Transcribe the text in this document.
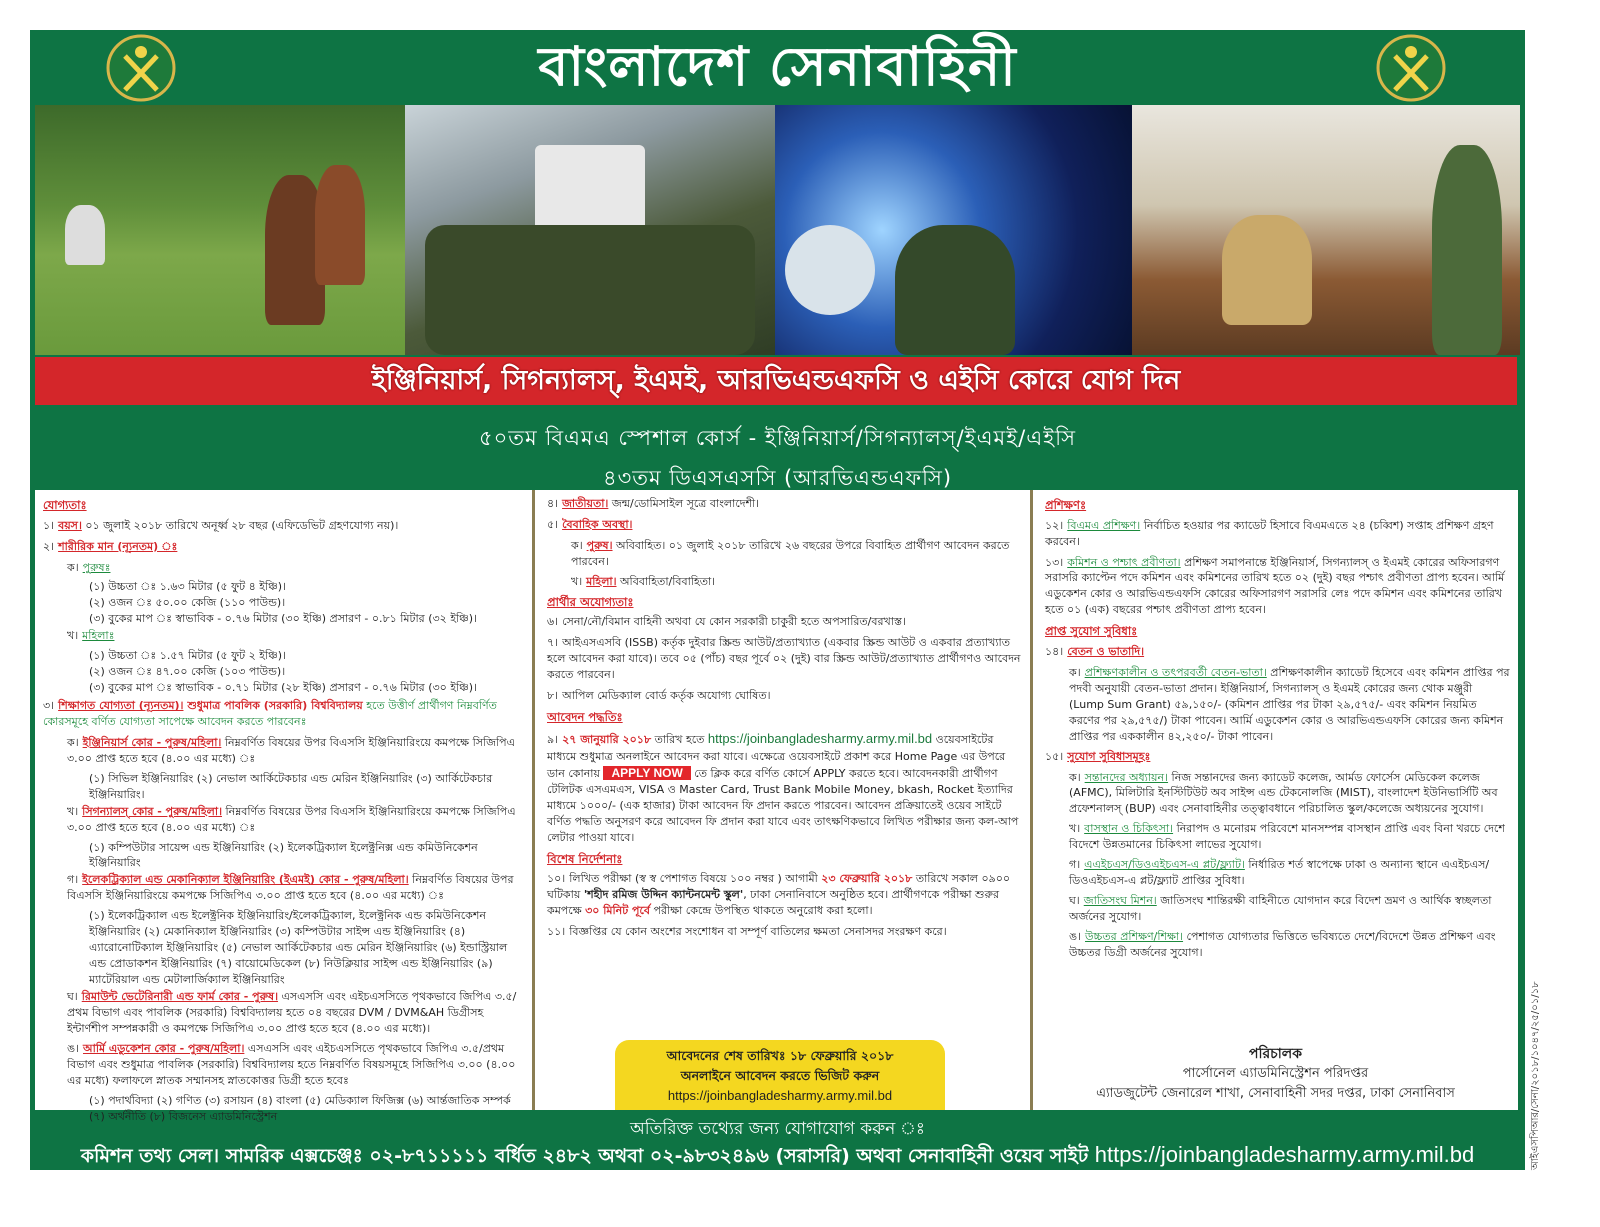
বাংলাদেশ সেনাবাহিনী
ইঞ্জিনিয়ার্স, সিগন্যালস্‌, ইএমই, আরভিএন্ডএফসি ও এইসি কোরে যোগ দিন
৫০তম বিএমএ স্পেশাল কোর্স - ইঞ্জিনিয়ার্স/সিগন্যালস্‌/ইএমই/এইসি
৪৩তম ডিএসএসসি (আরভিএন্ডএফসি)
যোগ্যতাঃ
১। বয়স। ০১ জুলাই ২০১৮ তারিখে অনূর্ধ্ব ২৮ বছর (এফিডেভিট গ্রহণযোগ্য নয়)।
২। শারীরিক মান (ন্যূনতম) ঃ
ক। পুরুষঃ
(১) উচ্চতা ঃ ১.৬৩ মিটার (৫ ফুট ৪ ইঞ্চি)।
(২) ওজন ঃ ৫০.০০ কেজি (১১০ পাউন্ড)।
(৩) বুকের মাপ ঃ স্বাভাবিক - ০.৭৬ মিটার (৩০ ইঞ্চি) প্রসারণ - ০.৮১ মিটার (৩২ ইঞ্চি)।
খ। মহিলাঃ
(১) উচ্চতা ঃ ১.৫৭ মিটার (৫ ফুট ২ ইঞ্চি)।
(২) ওজন ঃ ৪৭.০০ কেজি (১০৩ পাউন্ড)।
(৩) বুকের মাপ ঃ স্বাভাবিক - ০.৭১ মিটার (২৮ ইঞ্চি) প্রসারণ - ০.৭৬ মিটার (৩০ ইঞ্চি)।
৩। শিক্ষাগত যোগ্যতা (ন্যূনতম)। শুধুমাত্র পাবলিক (সরকারি) বিশ্ববিদ্যালয় হতে উত্তীর্ণ প্রার্থীগণ নিম্নবর্ণিত কোরসমূহে বর্ণিত যোগ্যতা সাপেক্ষে আবেদন করতে পারবেনঃ
ক। ইঞ্জিনিয়ার্স কোর - পুরুষ/মহিলা। নিম্নবর্ণিত বিষয়ের উপর বিএসসি ইঞ্জিনিয়ারিংয়ে কমপক্ষে সিজিপিএ ৩.০০ প্রাপ্ত হতে হবে (৪.০০ এর মধ্যে) ঃ
(১) সিভিল ইঞ্জিনিয়ারিং (২) নেভাল আর্কিটেকচার এন্ড মেরিন ইঞ্জিনিয়ারিং (৩) আর্কিটেকচার ইঞ্জিনিয়ারিং।
খ। সিগন্যালস্‌ কোর - পুরুষ/মহিলা। নিম্নবর্ণিত বিষয়ের উপর বিএসসি ইঞ্জিনিয়ারিংয়ে কমপক্ষে সিজিপিএ ৩.০০ প্রাপ্ত হতে হবে (৪.০০ এর মধ্যে) ঃ
(১) কম্পিউটার সায়েন্স এন্ড ইঞ্জিনিয়ারিং (২) ইলেকট্রিক্যাল ইলেক্ট্রনিক্স এন্ড কমিউনিকেশন ইঞ্জিনিয়ারিং
গ। ইলেকট্রিক্যাল এন্ড মেকানিক্যাল ইঞ্জিনিয়ারিং (ইএমই) কোর - পুরুষ/মহিলা। নিম্নবর্ণিত বিষয়ের উপর বিএসসি ইঞ্জিনিয়ারিংয়ে কমপক্ষে সিজিপিএ ৩.০০ প্রাপ্ত হতে হবে (৪.০০ এর মধ্যে) ঃ
(১) ইলেকট্রিক্যাল এন্ড ইলেক্ট্রনিক ইঞ্জিনিয়ারিং/ইলেকট্রিক্যাল, ইলেক্ট্রনিক এন্ড কমিউনিকেশন ইঞ্জিনিয়ারিং (২) মেকানিক্যাল ইঞ্জিনিয়ারিং (৩) কম্পিউটার সাইন্স এন্ড ইঞ্জিনিয়ারিং (৪) এ্যারোনোটিক্যাল ইঞ্জিনিয়ারিং (৫) নেভাল আর্কিটেকচার এন্ড মেরিন ইঞ্জিনিয়ারিং (৬) ইন্ডাস্ট্রিয়াল এন্ড প্রোডাকশন ইঞ্জিনিয়ারিং (৭) বায়োমেডিকেল (৮) নিউক্লিয়ার সাইন্স এন্ড ইঞ্জিনিয়ারিং (৯) ম্যাটেরিয়াল এন্ড মেটালার্জিক্যাল ইঞ্জিনিয়ারিং
ঘ। রিমাউন্ট ভেটেরিনারী এন্ড ফার্ম কোর - পুরুষ। এসএসসি এবং এইচএসসিতে পৃথকভাবে জিপিএ ৩.৫/প্রথম বিভাগ এবং পাবলিক (সরকারি) বিশ্ববিদ্যালয় হতে ০৪ বছরের DVM / DVM&AH ডিগ্রীসহ ইন্টার্ণশীপ সম্পন্নকারী ও কমপক্ষে সিজিপিএ ৩.০০ প্রাপ্ত হতে হবে (৪.০০ এর মধ্যে)।
ঙ। আর্মি এডুকেশন কোর - পুরুষ/মহিলা। এসএসসি এবং এইচএসসিতে পৃথকভাবে জিপিএ ৩.৫/প্রথম বিভাগ এবং শুধুমাত্র পাবলিক (সরকারি) বিশ্ববিদ্যালয় হতে নিম্নবর্ণিত বিষয়সমূহে সিজিপিএ ৩.০০ (৪.০০ এর মধ্যে) ফলাফলে স্নাতক সম্মানসহ স্নাতকোত্তর ডিগ্রী হতে হবেঃ
(১) পদার্থবিদ্যা (২) গণিত (৩) রসায়ন (৪) বাংলা (৫) মেডিক্যাল ফিজিক্স (৬) আর্ন্তজাতিক সম্পর্ক (৭) অর্থনীতি (৮) বিজনেস এ্যাডমিনিস্ট্রেশন
৪। জাতীয়তা। জন্ম/ডোমিসাইল সূত্রে বাংলাদেশী।
৫। বৈবাহিক অবস্থা।
ক। পুরুষ। অবিবাহিত। ০১ জুলাই ২০১৮ তারিখে ২৬ বছরের উপরে বিবাহিত প্রার্থীগণ আবেদন করতে পারবেন।
খ। মহিলা। অবিবাহিতা/বিবাহিতা।
প্রার্থীর অযোগ্যতাঃ
৬। সেনা/নৌ/বিমান বাহিনী অথবা যে কোন সরকারী চাকুরী হতে অপসারিত/বরখাস্ত।
৭। আইএসএসবি (ISSB) কর্তৃক দুইবার স্ক্রিন্ড আউট/প্রত্যাখ্যাত (একবার স্ক্রিন্ড আউট ও একবার প্রত্যাখ্যাত হলে আবেদন করা যাবে)। তবে ০৫ (পাঁচ) বছর পূর্বে ০২ (দুই) বার স্ক্রিন্ড আউট/প্রত্যাখ্যাত প্রার্থীগণও আবেদন করতে পারবেন।
৮। আপিল মেডিক্যাল বোর্ড কর্তৃক অযোগ্য ঘোষিত।
আবেদন পদ্ধতিঃ
৯। ২৭ জানুয়ারি ২০১৮ তারিখ হতে https://joinbangladesharmy.army.mil.bd ওয়েবসাইটের মাধ্যমে শুধুমাত্র অনলাইনে আবেদন করা যাবে। এক্ষেত্রে ওয়েবসাইটে প্রকাশ করে Home Page এর উপরে ডান কোনায় APPLY NOW তে ক্লিক করে বর্ণিত কোর্সে APPLY করতে হবে। আবেদনকারী প্রার্থীগণ টেলিটক এসএমএস, VISA ও Master Card, Trust Bank Mobile Money, bkash, Rocket ইত্যাদির মাধ্যমে ১০০০/- (এক হাজার) টাকা আবেদন ফি প্রদান করতে পারবেন। আবেদন প্রক্রিয়াতেই ওয়েব সাইটে বর্ণিত পদ্ধতি অনুসরণ করে আবেদন ফি প্রদান করা যাবে এবং তাৎক্ষণিকভাবে লিখিত পরীক্ষার জন্য কল-আপ লেটার পাওয়া যাবে।
বিশেষ নির্দেশনাঃ
১০। লিখিত পরীক্ষা (স্ব স্ব পেশাগত বিষয়ে ১০০ নম্বর ) আগামী ২৩ ফেব্রুয়ারি ২০১৮ তারিখে সকাল ০৯০০ ঘটিকায় 'শহীদ রমিজ উদ্দিন ক্যান্টনমেন্ট স্কুল', ঢাকা সেনানিবাসে অনুষ্ঠিত হবে। প্রার্থীগণকে পরীক্ষা শুরুর কমপক্ষে ৩০ মিনিট পূর্বে পরীক্ষা কেন্দ্রে উপস্থিত থাকতে অনুরোধ করা হলো।
১১। বিজ্ঞপ্তির যে কোন অংশের সংশোধন বা সম্পূর্ণ বাতিলের ক্ষমতা সেনাসদর সংরক্ষণ করে।
আবেদনের শেষ তারিখঃ ১৮ ফেব্রুয়ারি ২০১৮
অনলাইনে আবেদন করতে ভিজিট করুন
https://joinbangladesharmy.army.mil.bd
প্রশিক্ষণঃ
১২। বিএমএ প্রশিক্ষণ। নির্বাচিত হওয়ার পর ক্যাডেট হিসাবে বিএমএতে ২৪ (চব্বিশ) সপ্তাহ প্রশিক্ষণ গ্রহণ করবেন।
১৩। কমিশন ও পশ্চাৎ প্রবীণতা। প্রশিক্ষণ সমাপনান্তে ইঞ্জিনিয়ার্স, সিগন্যালস্‌ ও ইএমই কোরের অফিসারগণ সরাসরি ক্যাপ্টেন পদে কমিশন এবং কমিশনের তারিখ হতে ০২ (দুই) বছর পশ্চাৎ প্রবীণতা প্রাপ্য হবেন। আর্মি এডুকেশন কোর ও আরভিএন্ডএফসি কোরের অফিসারগণ সরাসরি লেঃ পদে কমিশন এবং কমিশনের তারিখ হতে ০১ (এক) বছরের পশ্চাৎ প্রবীণতা প্রাপ্য হবেন।
প্রাপ্ত সুযোগ সুবিধাঃ
১৪। বেতন ও ভাতাদি।
ক। প্রশিক্ষণকালীন ও তৎপরবর্তী বেতন-ভাতা। প্রশিক্ষণকালীন ক্যাডেট হিসেবে এবং কমিশন প্রাপ্তির পর পদবী অনুযায়ী বেতন-ভাতা প্রদান। ইঞ্জিনিয়ার্স, সিগন্যালস্‌ ও ইএমই কোরের জন্য থোক মঞ্জুরী (Lump Sum Grant) ৫৯,১৫০/- (কমিশন প্রাপ্তির পর টাকা ২৯,৫৭৫/- এবং কমিশন নিয়মিত করণের পর ২৯,৫৭৫/) টাকা পাবেন। আর্মি এডুকেশন কোর ও আরভিএন্ডএফসি কোরের জন্য কমিশন প্রাপ্তির পর এককালীন ৪২,২৫০/- টাকা পাবেন।
১৫। সুযোগ সুবিধাসমূহঃ
ক। সন্তানদের অধ্যায়ন। নিজ সন্তানদের জন্য ক্যাডেট কলেজ, আর্মড ফোর্সেস মেডিকেল কলেজ (AFMC), মিলিটারি ইনস্টিটিউট অব সাইন্স এন্ড টেকনোলজি (MIST), বাংলাদেশ ইউনিভার্সিটি অব প্রফেশনালস্‌ (BUP) এবং সেনাবাহিনীর তত্ত্বাবধানে পরিচালিত স্কুল/কলেজে অধ্যয়নের সুযোগ।
খ। বাসস্থান ও চিকিৎসা। নিরাপদ ও মনোরম পরিবেশে মানসম্পন্ন বাসস্থান প্রাপ্তি এবং বিনা খরচে দেশে বিদেশে উন্নতমানের চিকিৎসা লাভের সুযোগ।
গ। এএইচএস/ডিওএইচএস-এ প্লট/ফ্ল্যাট। নির্ধারিত শর্ত স্বাপেক্ষে ঢাকা ও অন্যান্য স্থানে এএইচএস/ডিওএইচএস-এ প্লট/ফ্ল্যাট প্রাপ্তির সুবিধা।
ঘ। জাতিসংঘ মিশন। জাতিসংঘ শান্তিরক্ষী বাহিনীতে যোগদান করে বিদেশ ভ্রমণ ও আর্থিক স্বচ্ছলতা অর্জনের সুযোগ।
ঙ। উচ্চতর প্রশিক্ষণ/শিক্ষা। পেশাগত যোগ্যতার ভিত্তিতে ভবিষ্যতে দেশে/বিদেশে উন্নত প্রশিক্ষণ এবং উচ্চতর ডিগ্রী অর্জনের সুযোগ।
পরিচালক
পার্সোনেল এ্যাডমিনিস্ট্রেশন পরিদপ্তর
এ্যাডজুটেন্ট জেনারেল শাখা, সেনাবাহিনী সদর দপ্তর, ঢাকা সেনানিবাস
অতিরিক্ত তথ্যের জন্য যোগাযোগ করুন ঃ
কমিশন তথ্য সেল। সামরিক এক্সচেঞ্জঃ ০২-৮৭১১১১১ বর্ধিত ২৪৮২ অথবা ০২-৯৮৩২৪৯৬ (সরাসরি) অথবা সেনাবাহিনী ওয়েব সাইট https://joinbangladesharmy.army.mil.bd	আইএসপিআর/সেনা/২০১৮/১০৪৭/২৫/০১/১৮
